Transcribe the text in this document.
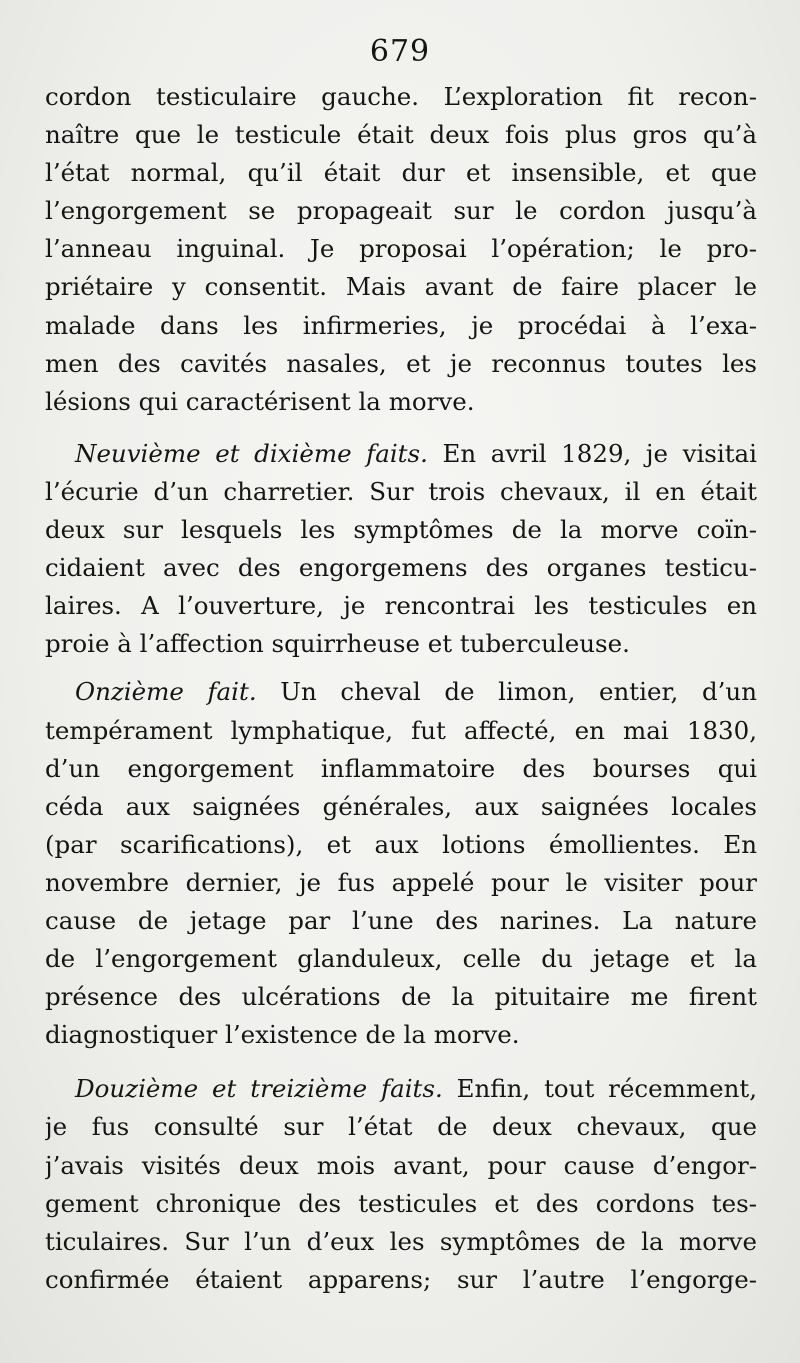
679
cordon testiculaire gauche. L’exploration fit recon-
naître que le testicule était deux fois plus gros qu’à
l’état normal, qu’il était dur et insensible, et que
l’engorgement se propageait sur le cordon jusqu’à
l’anneau inguinal. Je proposai l’opération; le pro-
priétaire y consentit. Mais avant de faire placer le
malade dans les infirmeries, je procédai à l’exa-
men des cavités nasales, et je reconnus toutes les
lésions qui caractérisent la morve.
Neuvième et dixième faits. En avril 1829, je visitai
l’écurie d’un charretier. Sur trois chevaux, il en était
deux sur lesquels les symptômes de la morve coïn-
cidaient avec des engorgemens des organes testicu-
laires. A l’ouverture, je rencontrai les testicules en
proie à l’affection squirrheuse et tuberculeuse.
Onzième fait. Un cheval de limon, entier, d’un
tempérament lymphatique, fut affecté, en mai 1830,
d’un engorgement inflammatoire des bourses qui
céda aux saignées générales, aux saignées locales
(par scarifications), et aux lotions émollientes. En
novembre dernier, je fus appelé pour le visiter pour
cause de jetage par l’une des narines. La nature
de l’engorgement glanduleux, celle du jetage et la
présence des ulcérations de la pituitaire me firent
diagnostiquer l’existence de la morve.
Douzième et treizième faits. Enfin, tout récemment,
je fus consulté sur l’état de deux chevaux, que
j’avais visités deux mois avant, pour cause d’engor-
gement chronique des testicules et des cordons tes-
ticulaires. Sur l’un d’eux les symptômes de la morve
confirmée étaient apparens; sur l’autre l’engorge-
